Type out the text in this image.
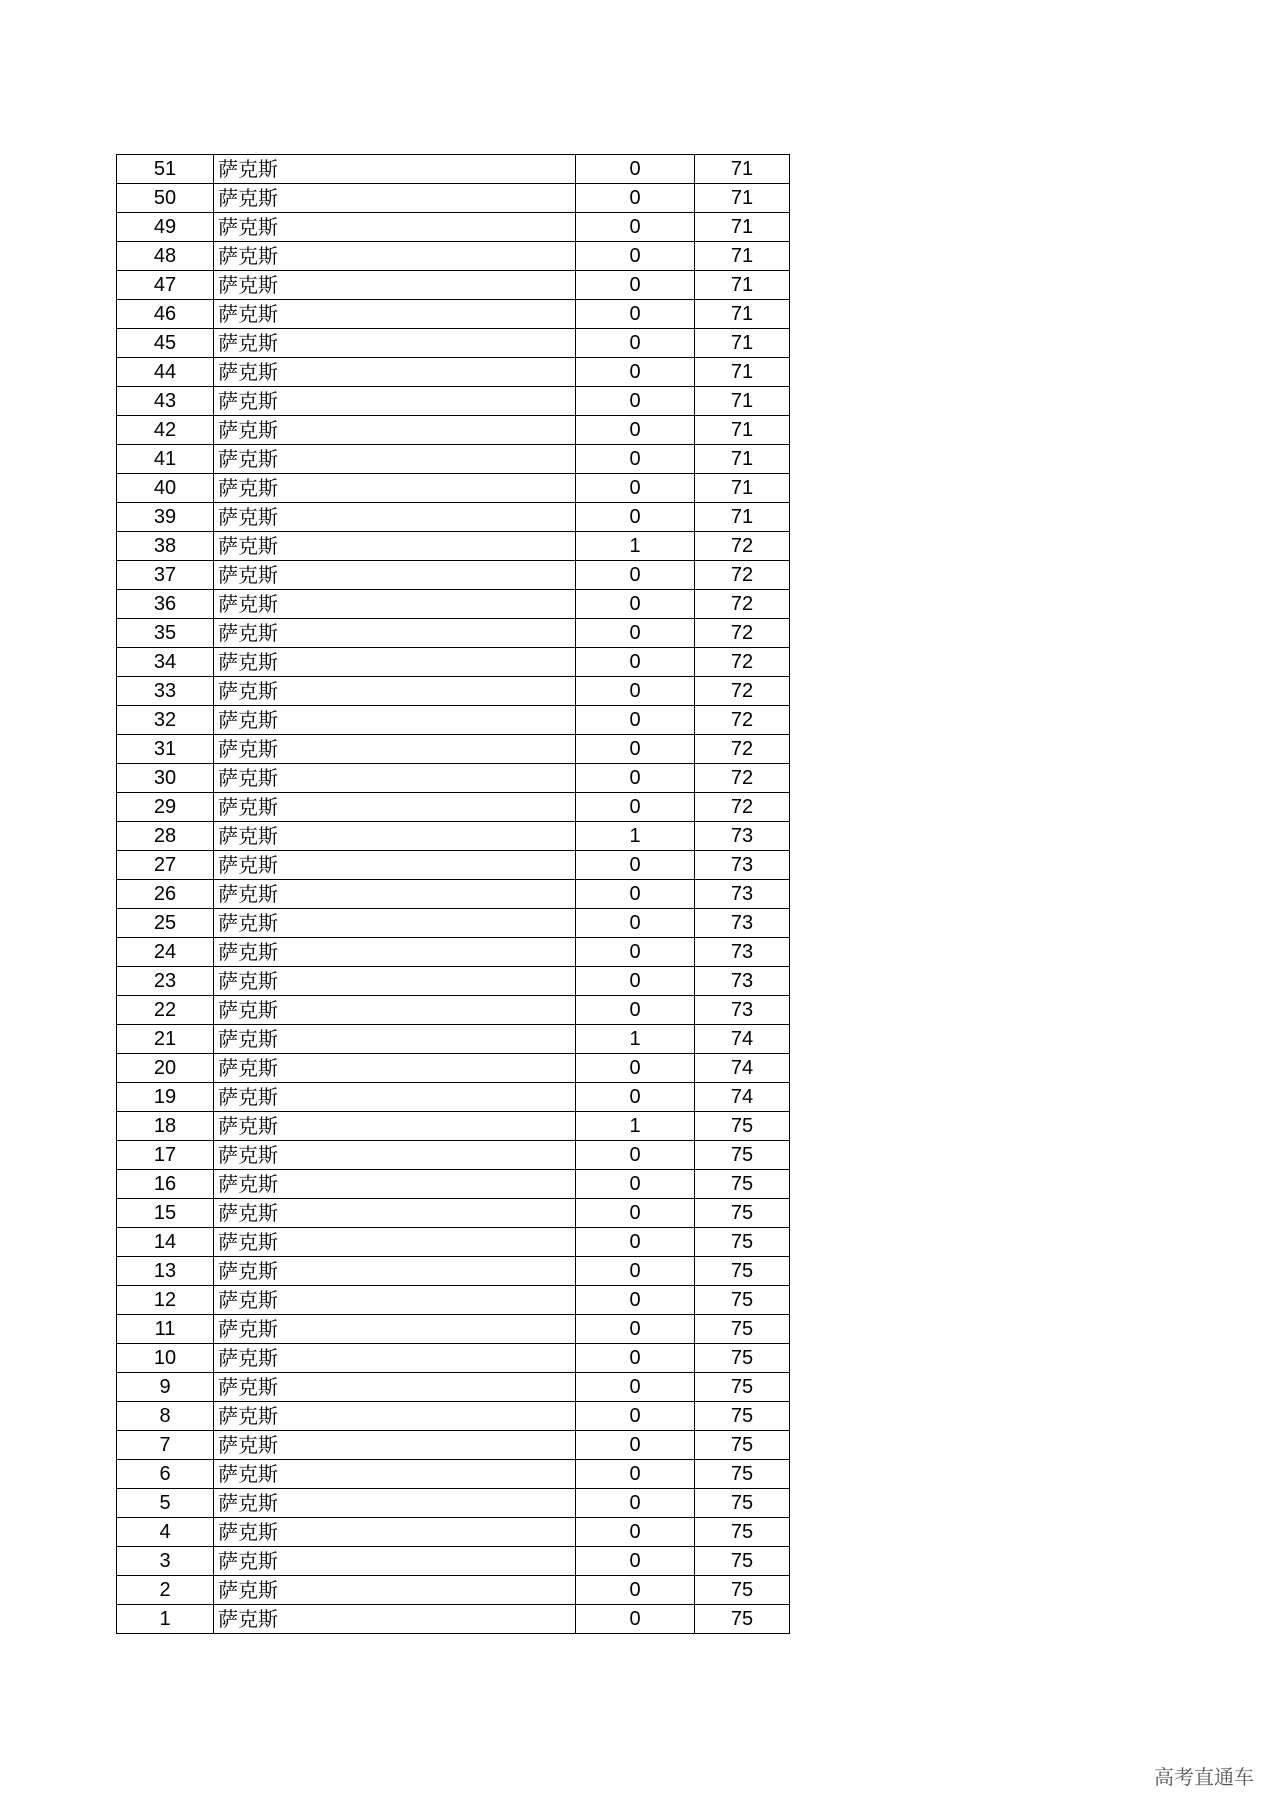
51	萨克斯	0	71
50	萨克斯	0	71
49	萨克斯	0	71
48	萨克斯	0	71
47	萨克斯	0	71
46	萨克斯	0	71
45	萨克斯	0	71
44	萨克斯	0	71
43	萨克斯	0	71
42	萨克斯	0	71
41	萨克斯	0	71
40	萨克斯	0	71
39	萨克斯	0	71
38	萨克斯	1	72
37	萨克斯	0	72
36	萨克斯	0	72
35	萨克斯	0	72
34	萨克斯	0	72
33	萨克斯	0	72
32	萨克斯	0	72
31	萨克斯	0	72
30	萨克斯	0	72
29	萨克斯	0	72
28	萨克斯	1	73
27	萨克斯	0	73
26	萨克斯	0	73
25	萨克斯	0	73
24	萨克斯	0	73
23	萨克斯	0	73
22	萨克斯	0	73
21	萨克斯	1	74
20	萨克斯	0	74
19	萨克斯	0	74
18	萨克斯	1	75
17	萨克斯	0	75
16	萨克斯	0	75
15	萨克斯	0	75
14	萨克斯	0	75
13	萨克斯	0	75
12	萨克斯	0	75
11	萨克斯	0	75
10	萨克斯	0	75
9	萨克斯	0	75
8	萨克斯	0	75
7	萨克斯	0	75
6	萨克斯	0	75
5	萨克斯	0	75
4	萨克斯	0	75
3	萨克斯	0	75
2	萨克斯	0	75
1	萨克斯	0	75
高考直通车
